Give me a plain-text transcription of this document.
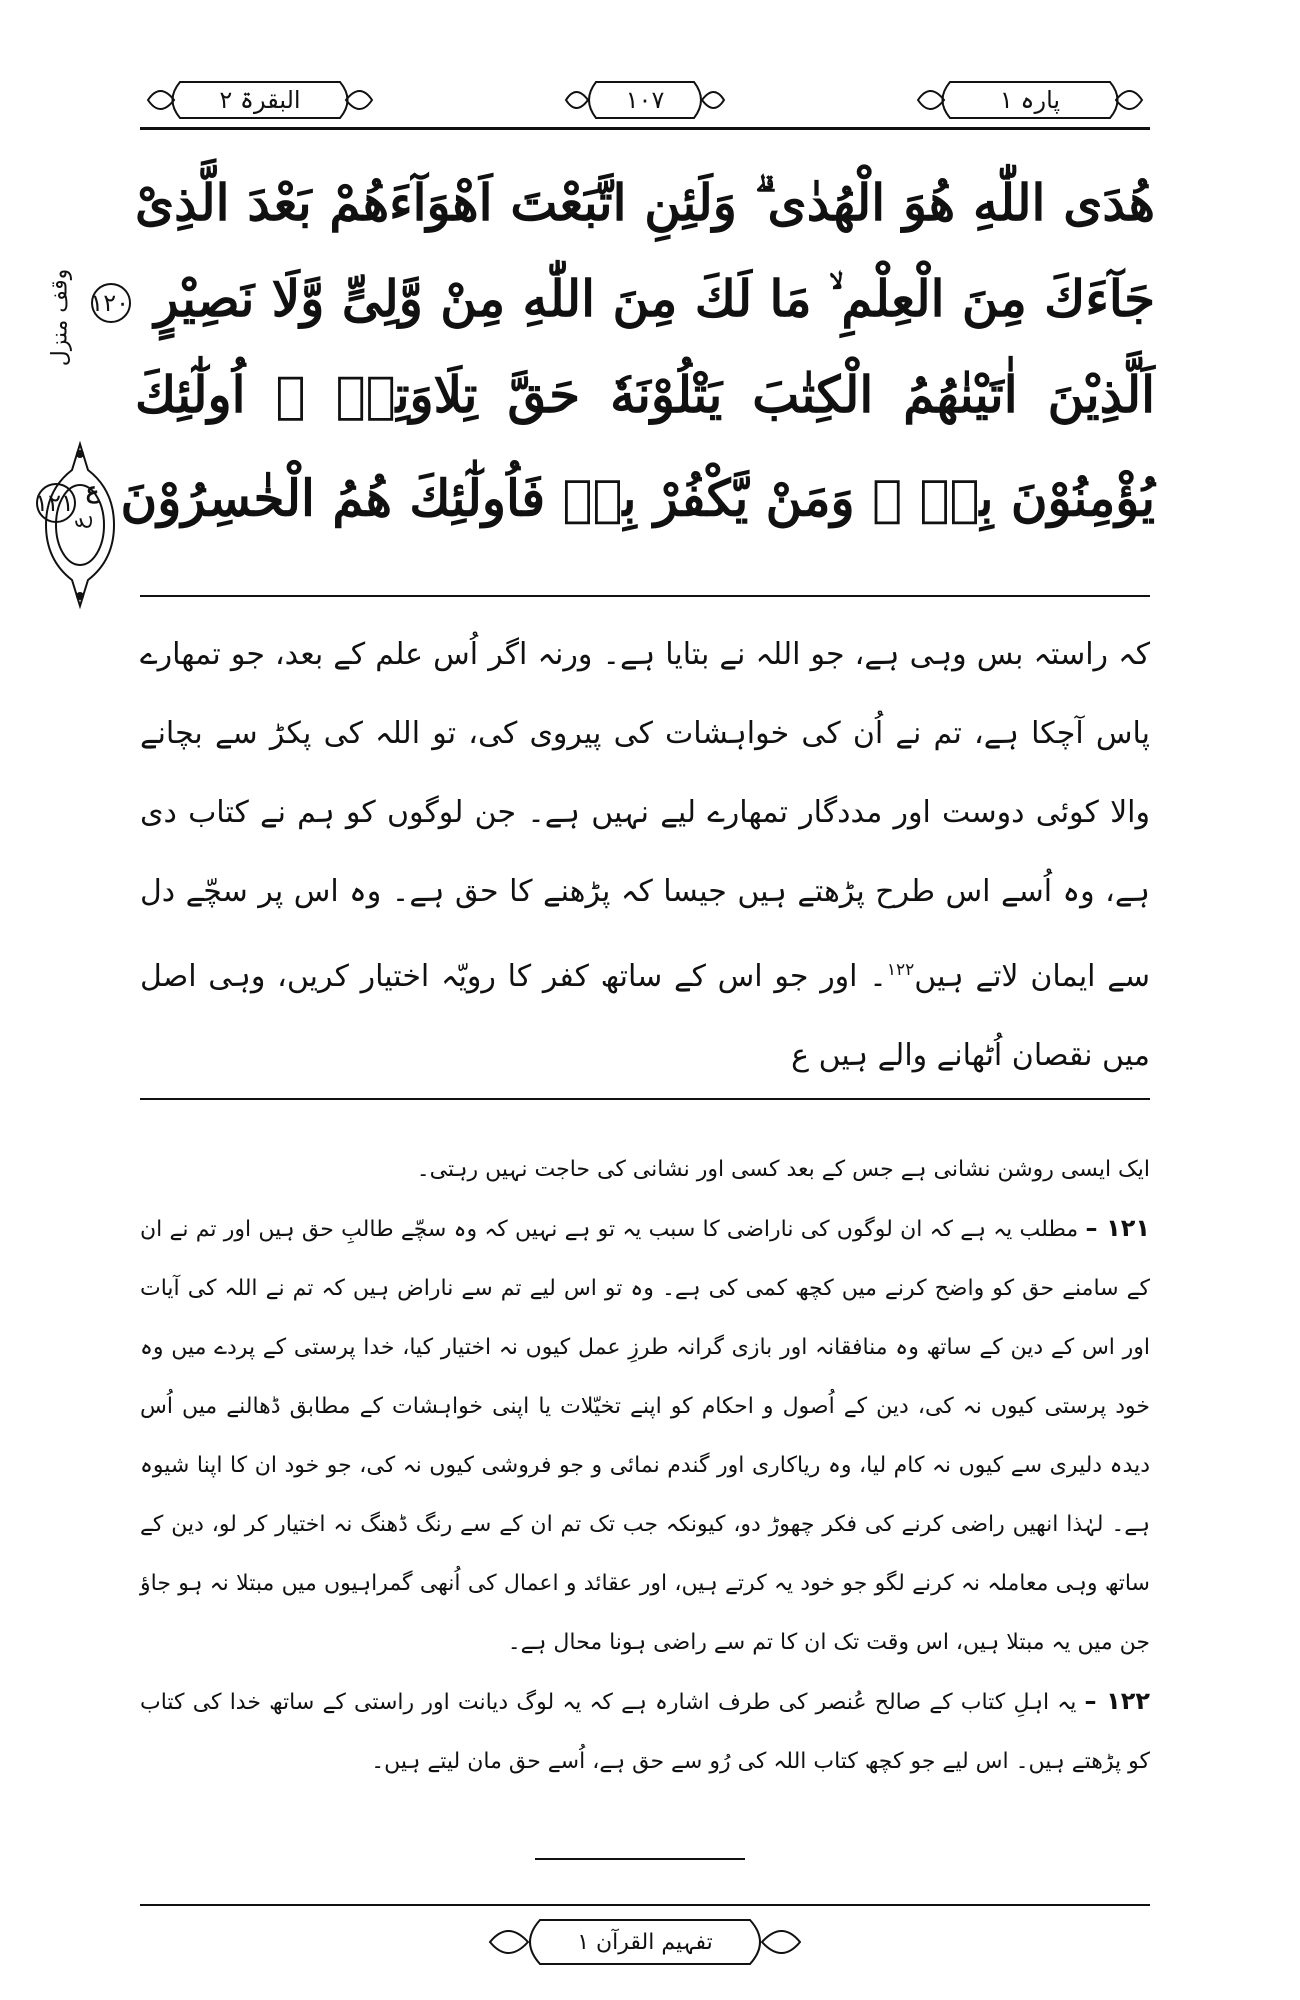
البقرۃ ۲	۱۰۷	پارہ ۱
وقف منزل
ع
هُدَى اللّٰهِ هُوَ الْهُدٰى ۗ وَلَئِنِ اتَّبَعْتَ اَهْوَآءَهُمْ بَعْدَ الَّذِىْ
جَآءَكَ مِنَ الْعِلْمِ ۙ مَا لَكَ مِنَ اللّٰهِ مِنْ وَّلِىٍّ وَّلَا نَصِيْرٍ ۱۲۰
اَلَّذِيْنَ اٰتَيْنٰهُمُ الْكِتٰبَ يَتْلُوْنَهٗ حَقَّ تِلَاوَتِهٖ ۗ اُولٰٓئِكَ
يُؤْمِنُوْنَ بِهٖ ۗ وَمَنْ يَّكْفُرْ بِهٖ فَاُولٰٓئِكَ هُمُ الْخٰسِرُوْنَ $^ع$۱۲۱
کہ راستہ بس وہی ہے، جو اللہ نے بتایا ہے۔ ورنہ اگر اُس علم کے بعد، جو تمھارے پاس آچکا ہے، تم نے اُن کی خواہشات کی پیروی کی، تو اللہ کی پکڑ سے بچانے والا کوئی دوست اور مددگار تمھارے لیے نہیں ہے۔ جن لوگوں کو ہم نے کتاب دی ہے، وہ اُسے اس طرح پڑھتے ہیں جیسا کہ پڑھنے کا حق ہے۔ وہ اس پر سچّے دل سے ایمان لاتے ہیں$^{۱۲۲}$۔ اور جو اس کے ساتھ کفر کا رویّہ اختیار کریں، وہی اصل میں نقصان اُٹھانے والے ہیں ع

ایک ایسی روشن نشانی ہے جس کے بعد کسی اور نشانی کی حاجت نہیں رہتی۔

۱۲۱ – مطلب یہ ہے کہ ان لوگوں کی ناراضی کا سبب یہ تو ہے نہیں کہ وہ سچّے طالبِ حق ہیں اور تم نے ان کے سامنے حق کو واضح کرنے میں کچھ کمی کی ہے۔ وہ تو اس لیے تم سے ناراض ہیں کہ تم نے اللہ کی آیات اور اس کے دین کے ساتھ وہ منافقانہ اور بازی گرانہ طرزِ عمل کیوں نہ اختیار کیا، خدا پرستی کے پردے میں وہ خود پرستی کیوں نہ کی، دین کے اُصول و احکام کو اپنے تخیّلات یا اپنی خواہشات کے مطابق ڈھالنے میں اُس دیدہ دلیری سے کیوں نہ کام لیا، وہ ریاکاری اور گندم نمائی و جو فروشی کیوں نہ کی، جو خود ان کا اپنا شیوہ ہے۔ لہٰذا انھیں راضی کرنے کی فکر چھوڑ دو، کیونکہ جب تک تم ان کے سے رنگ ڈھنگ نہ اختیار کر لو، دین کے ساتھ وہی معاملہ نہ کرنے لگو جو خود یہ کرتے ہیں، اور عقائد و اعمال کی اُنھی گمراہیوں میں مبتلا نہ ہو جاؤ جن میں یہ مبتلا ہیں، اس وقت تک ان کا تم سے راضی ہونا محال ہے۔

۱۲۲ – یہ اہلِ کتاب کے صالح عُنصر کی طرف اشارہ ہے کہ یہ لوگ دیانت اور راستی کے ساتھ خدا کی کتاب کو پڑھتے ہیں۔ اس لیے جو کچھ کتاب اللہ کی رُو سے حق ہے، اُسے حق مان لیتے ہیں۔

تفہیم القرآن ۱
